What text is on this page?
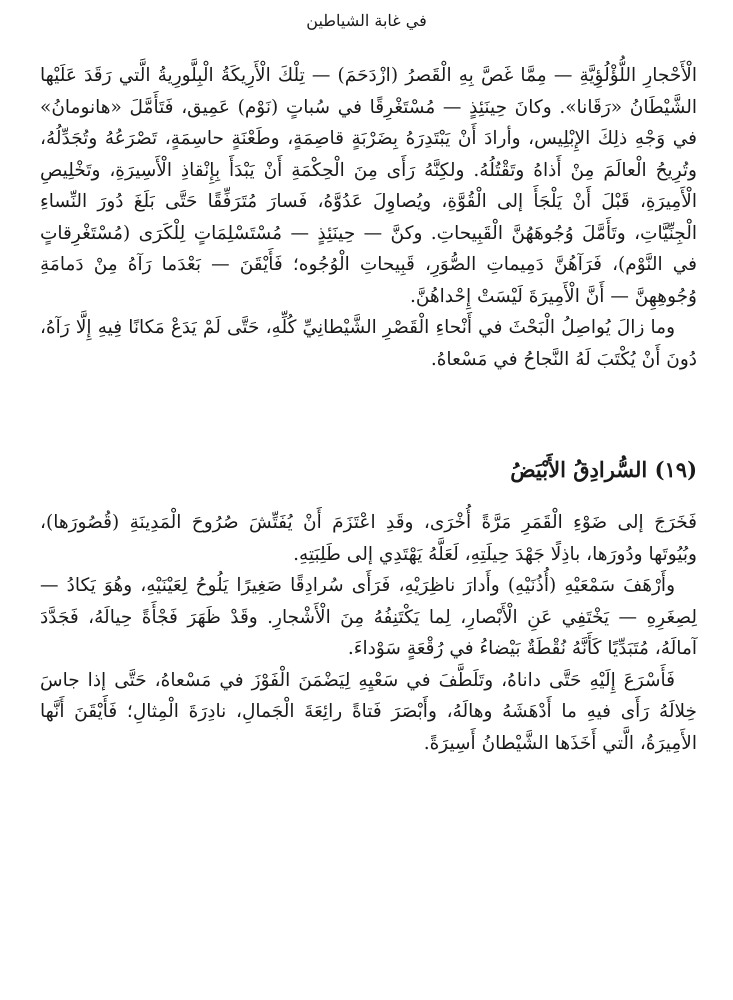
في غابة الشياطين

الْأَحْجارِ اللُّؤْلُؤِيَّةِ — مِمَّا غَصَّ بِهِ الْقَصرُ (ازْدَحَمَ) — تِلْكَ الْأَرِيكَةُ الْبِلَّورِيةُ الَّتي رَقَدَ عَلَيْها الشَّيْطَانُ «رَقَانا». وكانَ حِينَئِذٍ — مُسْتَغْرِقًا في سُباتٍ (نَوْم) عَمِيق، فَتَأَمَّلَ «هانومانُ» في وَجْهِ ذلِكَ الإِبْلِيس، وأرادَ أَنْ يَبْتَدِرَهُ بِضَرْبَةٍ قاصِمَةٍ، وطَعْنَةٍ حاسِمَةٍ، تَصْرَعُهُ وتُجَدِّلُهُ، وتُرِيحُ الْعالَمَ مِنْ أَذاهُ وتَقْتُلُهُ. ولكِنَّهُ رَأَى مِنَ الْحِكْمَةِ أَنْ يَبْدَأَ بِإِنْقاذِ الْأَسِيرَةِ، وتَخْلِيصِ الْأَمِيرَةِ، قَبْلَ أَنْ يَلْجَأَ إلى الْقُوَّةِ، ويُصاوِلَ عَدُوَّهُ، فَسارَ مُتَرَفِّقًا حَتَّى بَلَغَ دُورَ النِّساءِ الْجِنِّيَّاتِ، وتَأَمَّلَ وُجُوهَهُنَّ الْقَبِيحاتِ. وكنَّ — حِينَئِذٍ — مُسْتَسْلِمَاتٍ لِلْكَرَى (مُسْتَغْرِقاتٍ في النَّوْم)، فَرَآهُنَّ دَمِيماتِ الصُّوَرِ، قَبِيحاتِ الْوُجُوه؛ فَأَيْقَنَ — بَعْدَما رَآهُ مِنْ دَمامَةِ وُجُوهِهِنَّ — أَنَّ الْأَمِيرَةَ لَيْسَتْ إِحْداهُنَّ.

وما زالَ يُواصِلُ الْبَحْثَ في أَنْحاءِ الْقَصْرِ الشَّيْطانِيِّ كُلِّهِ، حَتَّى لَمْ يَدَعْ مَكانًا فِيهِ إِلَّا رَآهُ، دُونَ أَنْ يُكْتَبَ لَهُ النَّجاحُ في مَسْعاهُ.

(١٩) السُّرادِقُ الأَبْيَضُ

فَخَرَجَ إلى ضَوْءِ الْقَمَرِ مَرَّةً أُخْرَى، وقَدِ اعْتَزَمَ أَنْ يُفَتِّشَ صُرُوحَ الْمَدِينَةِ (قُصُورَها)، وبُيُوتَها ودُورَها، باذِلًا جَهْدَ حِيلَتِهِ، لَعَلَّهُ يَهْتَدِي إلى طَلِبَتِهِ.

وأَرْهَفَ سَمْعَيْهِ (أُذُنَيْهِ) وأَدارَ ناظِرَيْهِ، فَرَأَى سُرادِقًا صَغِيرًا يَلُوحُ لِعَيْنَيْهِ، وهُوَ يَكادُ — لِصِغَرِهِ — يَخْتَفِي عَنِ الْأَبْصارِ، لِما يَكْتَنِفُهُ مِنَ الْأَشْجارِ. وقَدْ ظَهَرَ فَجْأَةً حِيالَهُ، فَجَدَّدَ آمالَهُ، مُتَبَدِّيًا كَأَنَّهُ نُقْطَةٌ بَيْضاءُ في رُقْعَةٍ سَوْداءَ.

فَأَسْرَعَ إِلَيْهِ حَتَّى داناهُ، وتَلَطَّفَ في سَعْيِهِ لِيَضْمَنَ الْفَوْزَ في مَسْعاهُ، حَتَّى إذا جاسَ خِلالَهُ رَأَى فيهِ ما أَدْهَشَهُ وهالَهُ، وأَبْصَرَ فَتاةً رائِعَةَ الْجَمالِ، نادِرَةَ الْمِثالِ؛ فَأَيْقَنَ أَنَّها الأَمِيرَةُ، الَّتي أَخَذَها الشَّيْطانُ أَسِيرَةً.
